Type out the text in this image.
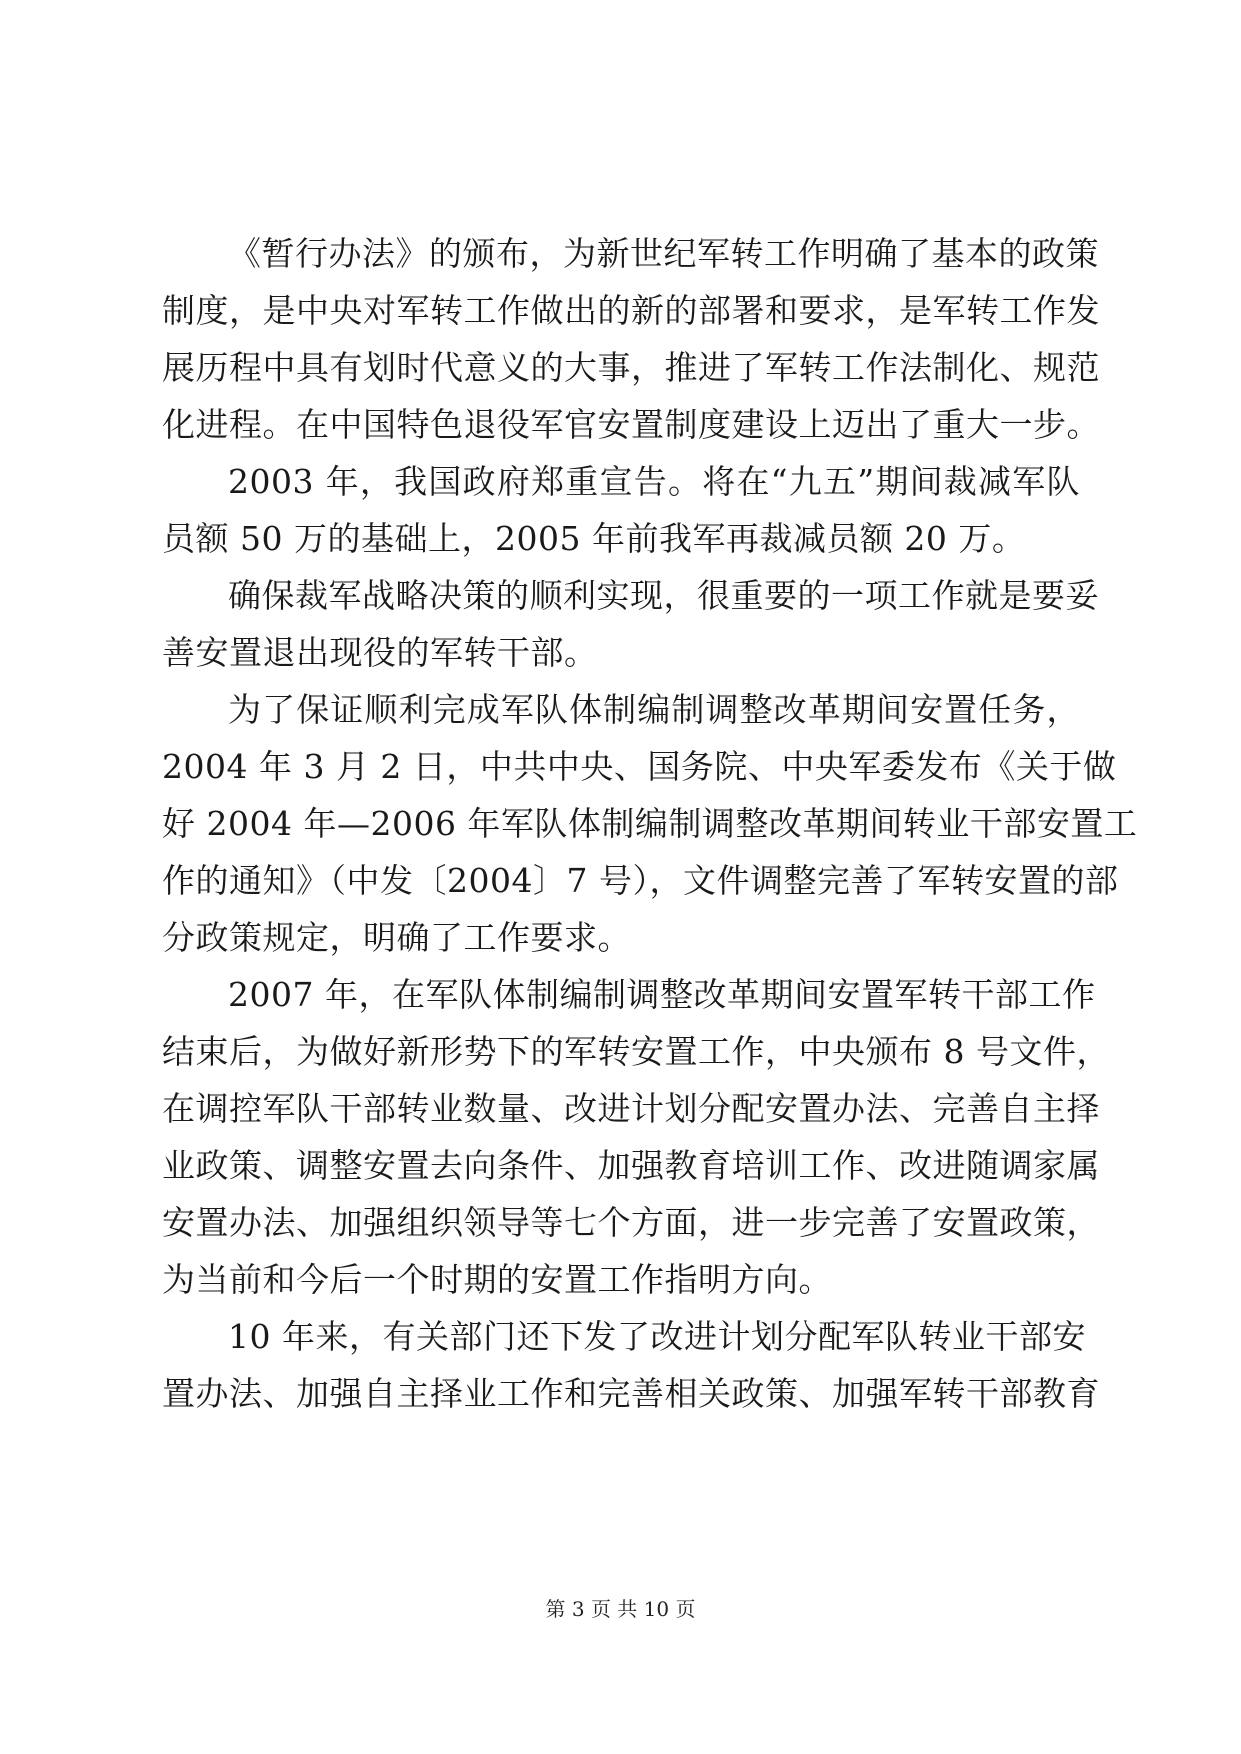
《暂行办法》的颁布，为新世纪军转工作明确了基本的政策
制度，是中央对军转工作做出的新的部署和要求，是军转工作发
展历程中具有划时代意义的大事，推进了军转工作法制化、规范
化进程。在中国特色退役军官安置制度建设上迈出了重大一步。
2003 年，我国政府郑重宣告。将在“九五”期间裁减军队
员额 50 万的基础上，2005 年前我军再裁减员额 20 万。
确保裁军战略决策的顺利实现，很重要的一项工作就是要妥
善安置退出现役的军转干部。
为了保证顺利完成军队体制编制调整改革期间安置任务，
2004 年 3 月 2 日，中共中央、国务院、中央军委发布《关于做
好 2004 年—2006 年军队体制编制调整改革期间转业干部安置工
作的通知》（中发〔2004〕7 号），文件调整完善了军转安置的部
分政策规定，明确了工作要求。
2007 年，在军队体制编制调整改革期间安置军转干部工作
结束后，为做好新形势下的军转安置工作，中央颁布 8 号文件，
在调控军队干部转业数量、改进计划分配安置办法、完善自主择
业政策、调整安置去向条件、加强教育培训工作、改进随调家属
安置办法、加强组织领导等七个方面，进一步完善了安置政策，
为当前和今后一个时期的安置工作指明方向。
10 年来，有关部门还下发了改进计划分配军队转业干部安
置办法、加强自主择业工作和完善相关政策、加强军转干部教育
第 3 页 共 10 页
